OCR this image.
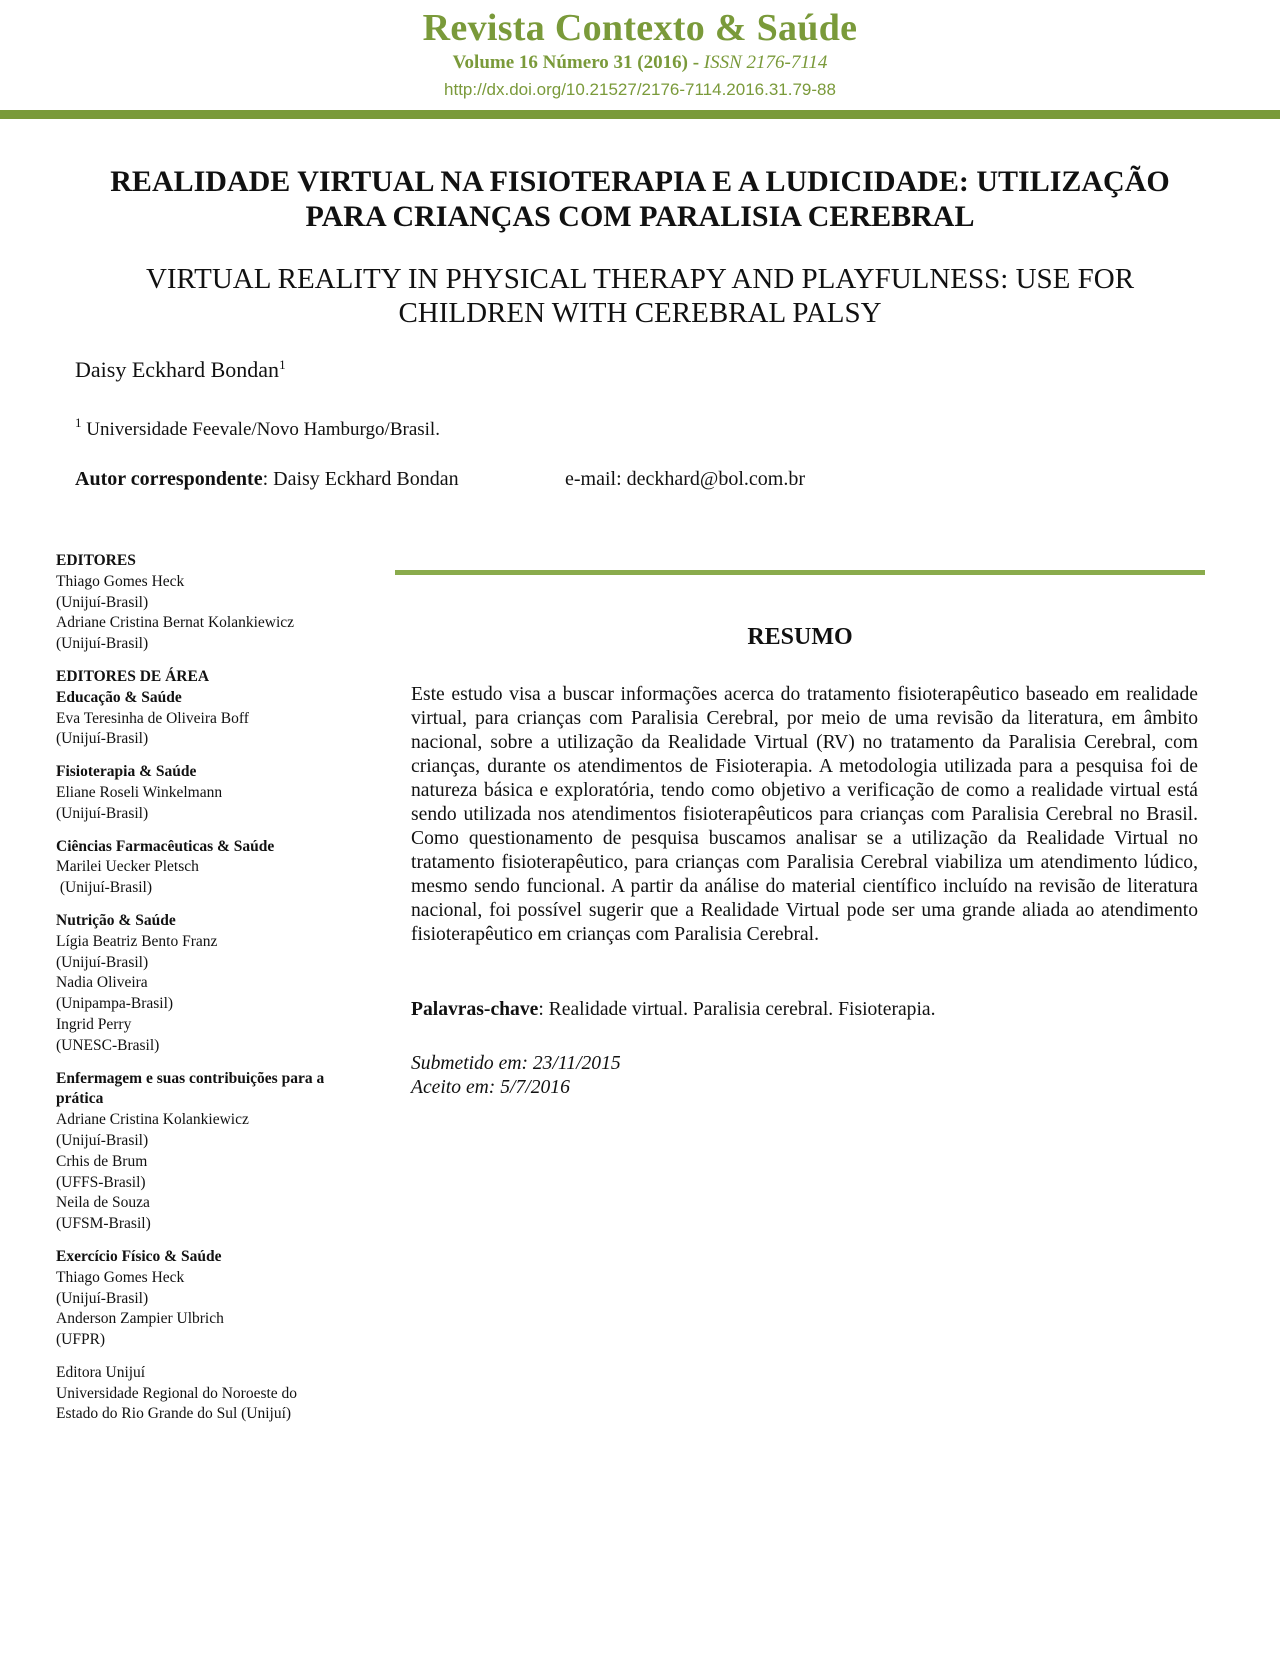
Revista Contexto & Saúde
Volume 16 Número 31 (2016) - ISSN 2176-7114
http://dx.doi.org/10.21527/2176-7114.2016.31.79-88
REALIDADE VIRTUAL NA FISIOTERAPIA E A LUDICIDADE: UTILIZAÇÃO PARA CRIANÇAS COM PARALISIA CEREBRAL
VIRTUAL REALITY IN PHYSICAL THERAPY AND PLAYFULNESS: USE FOR CHILDREN WITH CEREBRAL PALSY
Daisy Eckhard Bondan$^1$
$^1$ Universidade Feevale/Novo Hamburgo/Brasil.
Autor correspondente: Daisy Eckhard Bondan	e-mail: deckhard@bol.com.br
EDITORES
Thiago Gomes Heck
(Unijuí-Brasil)
Adriane Cristina Bernat Kolankiewicz
(Unijuí-Brasil)
EDITORES DE ÁREA
Educação & Saúde
Eva Teresinha de Oliveira Boff
(Unijuí-Brasil)
Fisioterapia & Saúde
Eliane Roseli Winkelmann
(Unijuí-Brasil)
Ciências Farmacêuticas & Saúde
Marilei Uecker Pletsch
(Unijuí-Brasil)
Nutrição & Saúde
Lígia Beatriz Bento Franz
(Unijuí-Brasil)
Nadia Oliveira
(Unipampa-Brasil)
Ingrid Perry
(UNESC-Brasil)
Enfermagem e suas contribuições para a prática
Adriane Cristina Kolankiewicz
(Unijuí-Brasil)
Crhis de Brum
(UFFS-Brasil)
Neila de Souza
(UFSM-Brasil)
Exercício Físico & Saúde
Thiago Gomes Heck
(Unijuí-Brasil)
Anderson Zampier Ulbrich
(UFPR)
Editora Unijuí
Universidade Regional do Noroeste do
Estado do Rio Grande do Sul (Unijuí)
RESUMO
Este estudo visa a buscar informações acerca do tratamento fisioterapêutico baseado em realidade virtual, para crianças com Paralisia Cerebral, por meio de uma revisão da literatura, em âmbito nacional, sobre a utilização da Realidade Virtual (RV) no tratamento da Paralisia Cerebral, com crianças, durante os atendimentos de Fisioterapia. A metodologia utilizada para a pesquisa foi de natureza básica e exploratória, tendo como objetivo a verificação de como a realidade virtual está sendo utilizada nos atendimentos fisioterapêuticos para crianças com Paralisia Cerebral no Brasil. Como questionamento de pesquisa buscamos analisar se a utilização da Realidade Virtual no tratamento fisioterapêutico, para crianças com Paralisia Cerebral viabiliza um atendimento lúdico, mesmo sendo funcional. A partir da análise do material científico incluído na revisão de literatura nacional, foi possível sugerir que a Realidade Virtual pode ser uma grande aliada ao atendimento fisioterapêutico em crianças com Paralisia Cerebral.
Palavras-chave: Realidade virtual. Paralisia cerebral. Fisioterapia.
Submetido em: 23/11/2015
Aceito em: 5/7/2016
